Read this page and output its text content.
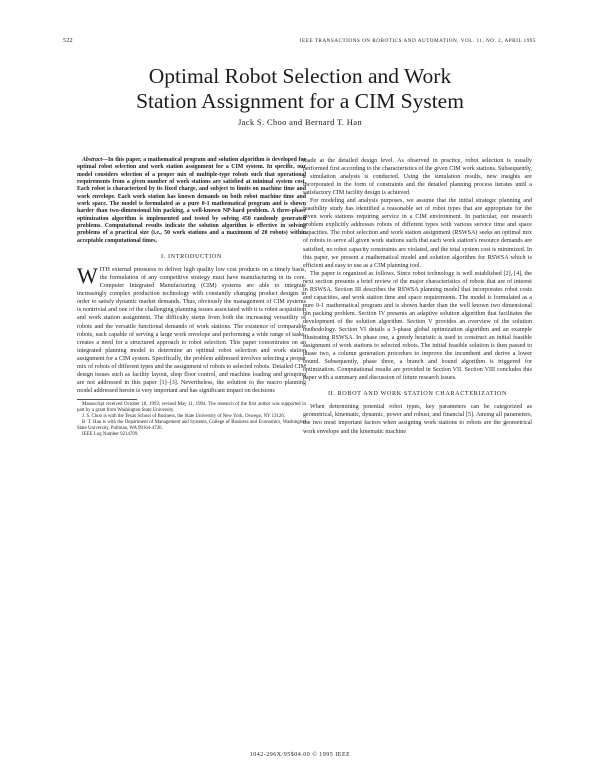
522	IEEE TRANSACTIONS ON ROBOTICS AND AUTOMATION, VOL. 11, NO. 2, APRIL 1995
Optimal Robot Selection and Work
Station Assignment for a CIM System
Jack S. Choo and Bernard T. Han

Abstract—In this paper, a mathematical program and solution algorithm is developed for optimal robot selection and work station assignment for a CIM system. In specific, our model considers selection of a proper mix of multiple-type robots such that operational requirements from a given number of work stations are satisfied at minimal system cost. Each robot is characterized by its fixed charge, and subject to limits on machine time and work envelope. Each work station has known demands on both robot machine time and work space. The model is formulated as a pure 0-1 mathematical program and is shown harder than two-dimensional bin packing, a well-known NP-hard problem. A three-phase optimization algorithm is implemented and tested by solving 450 randomly generated problems. Computational results indicate the solution algorithm is effective in solving problems of a practical size (i.e., 50 work stations and a maximum of 20 robots) within acceptable computational times.

I. INTRODUCTION

WITH external pressures to deliver high quality low cost products on a timely basis, the formulation of any competitive strategy must have manufacturing in its core. Computer Integrated Manufacturing (CIM) systems are able to integrate increasingly complex production technology with constantly changing product designs in order to satisfy dynamic market demands. Thus, obviously the management of CIM systems is nontrivial and one of the challenging planning issues associated with it is robot acquisition and work station assignment. The difficulty stems from both the increasing versatility of robots and the versatile functional demands of work stations. The existence of comparable robots, each capable of serving a large work envelope and performing a wide range of tasks, creates a need for a structured approach to robot selection. This paper concentrates on an integrated planning model to determine an optimal robot selection and work station assignment for a CIM system. Specifically, the problem addressed involves selecting a proper mix of robots of different types and the assignment of robots to selected robots. Detailed CIM design issues such as facility layout, shop floor control, and machine loading and grouping are not addressed in this paper [1]–[3]. Nevertheless, the solution to the macro planning model addressed herein is very important and has significant impact on decisions

Manuscript received October 18, 1993; revised May 11, 1994. The research of the first author was supported in part by a grant from Washington State University.

J. S. Choo is with the Texas School of Business, the State University of New York, Oswego, NY 13126.

B. T. Han is with the Department of Management and Systems, College of Business and Economics, Washington State University, Pullman, WA 99164-4726.

IEEE Log Number 9214709.

made at the detailed design level. As observed in practice, robot selection is usually performed first according to the characteristics of the given CIM work stations. Subsequently, a simulation analysis is conducted. Using the simulation results, new insights are incorporated in the form of constraints and the detailed planning process iterates until a satisfactory CIM facility design is achieved.

For modeling and analysis purposes, we assume that the initial strategic planning and feasibility study has identified a reasonable set of robot types that are appropriate for the given work stations requiring service in a CIM environment. In particular, our research problem explicitly addresses robots of different types with various service time and space capacities. The robot selection and work station assignment (RSWSA) seeks an optimal mix of robots to serve all given work stations such that each work station's resource demands are satisfied, no robot capacity constraints are violated, and the total system cost is minimized. In this paper, we present a mathematical model and solution algorithm for RSWSA which is efficient and easy to use as a CIM planning tool.

The paper is organized as follows. Since robot technology is well established [2], [4], the next section presents a brief review of the major characteristics of robots that are of interest in RSWSA. Section III describes the RSWSA planning model that incorporates robot costs and capacities, and work station time and space requirements. The model is formulated as a pure 0-1 mathematical program and is shown harder than the well known two dimensional bin packing problem. Section IV presents an adaptive solution algorithm that facilitates the development of the solution algorithm. Section V provides an overview of the solution methodology. Section VI details a 3-phase global optimization algorithm and an example illustrating RSWSA. In phase one, a greedy heuristic is used to construct an initial feasible assignment of work stations to selected robots. The initial feasible solution is then passed to phase two, a column generation procedure to improve the incumbent and derive a lower bound. Subsequently, phase three, a branch and bound algorithm is triggered for optimization. Computational results are provided in Section VII. Section VIII concludes this paper with a summary and discussion of future research issues.

II. ROBOT AND WORK STATION CHARACTERIZATION

When determining potential robot types, key parameters can be categorized as geometrical, kinematic, dynamic, power and robust, and financial [5]. Among all parameters, the two most important factors when assigning work stations to robots are the geometrical work envelope and the kinematic machine

1042-296X/95$04.00 © 1995 IEEE
